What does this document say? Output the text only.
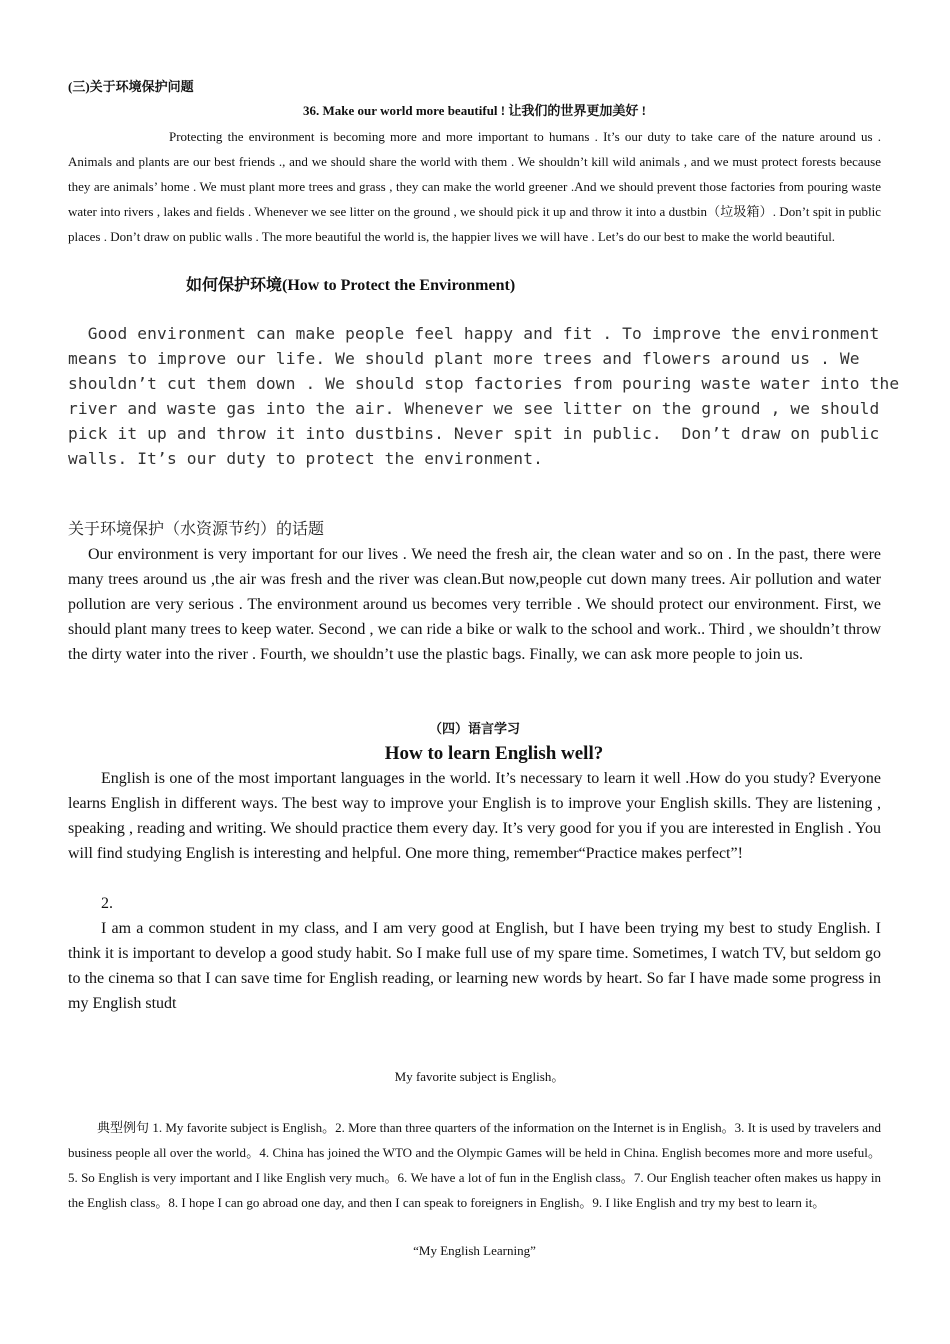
(三)关于环境保护问题

36. Make our world more beautiful ! 让我们的世界更加美好 !

Protecting the environment is becoming more and more important to humans . It’s our duty to take care of the nature around us . Animals and plants are our best friends ., and we should share the world with them . We shouldn’t kill wild animals , and we must protect forests because they are animals’ home . We must plant more trees and grass , they can make the world greener .And we should prevent those factories from pouring waste water into rivers , lakes and fields . Whenever we see litter on the ground , we should pick it up and throw it into a dustbin（垃圾箱）. Don’t spit in public places . Don’t draw on public walls . The more beautiful the world is, the happier lives we will have . Let’s do our best to make the world beautiful.

如何保护环境(How to Protect the Environment)

Good environment can make people feel happy and fit . To improve the environment
means to improve our life. We should plant more trees and flowers around us . We
shouldn’t cut them down . We should stop factories from pouring waste water into the
river and waste gas into the air. Whenever we see litter on the ground , we should
pick it up and throw it into dustbins. Never spit in public.  Don’t draw on public
walls. It’s our duty to protect the environment.

关于环境保护（水资源节约）的话题

Our environment is very important for our lives . We need the fresh air, the clean water and so on . In the past, there were many trees around us ,the air was fresh and the river was clean.But now,people cut down many trees. Air pollution and water pollution are very serious . The environment around us becomes very terrible . We should protect our environment. First, we should plant many trees to keep water. Second , we can ride a bike or walk to the school and work.. Third , we shouldn’t throw the dirty water into the river . Fourth, we shouldn’t use the plastic bags. Finally, we can ask more people to join us.

（四）语言学习

How to learn English well?

English is one of the most important languages in the world. It’s necessary to learn it well .How do you study? Everyone learns English in different ways. The best way to improve your English is to improve your English skills. They are listening , speaking , reading and writing. We should practice them every day. It’s very good for you if you are interested in English . You will find studying English is interesting and helpful. One more thing, remember“Practice makes perfect”!

2.

I am a common student in my class, and I am very good at English, but I have been trying my best to study English. I think it is important to develop a good study habit. So I make full use of my spare time. Sometimes, I watch TV, but seldom go to the cinema so that I can save time for English reading, or learning new words by heart. So far I have made some progress in my English studt

My favorite subject is English。

典型例句 1. My favorite subject is English。2. More than three quarters of the information on the Internet is in English。3. It is used by travelers and business people all over the world。4. China has joined the WTO and the Olympic Games will be held in China. English becomes more and more useful。5. So English is very important and I like English very much。6. We have a lot of fun in the English class。7. Our English teacher often makes us happy in the English class。8. I hope I can go abroad one day, and then I can speak to foreigners in English。9. I like English and try my best to learn it。

“My English Learning”
